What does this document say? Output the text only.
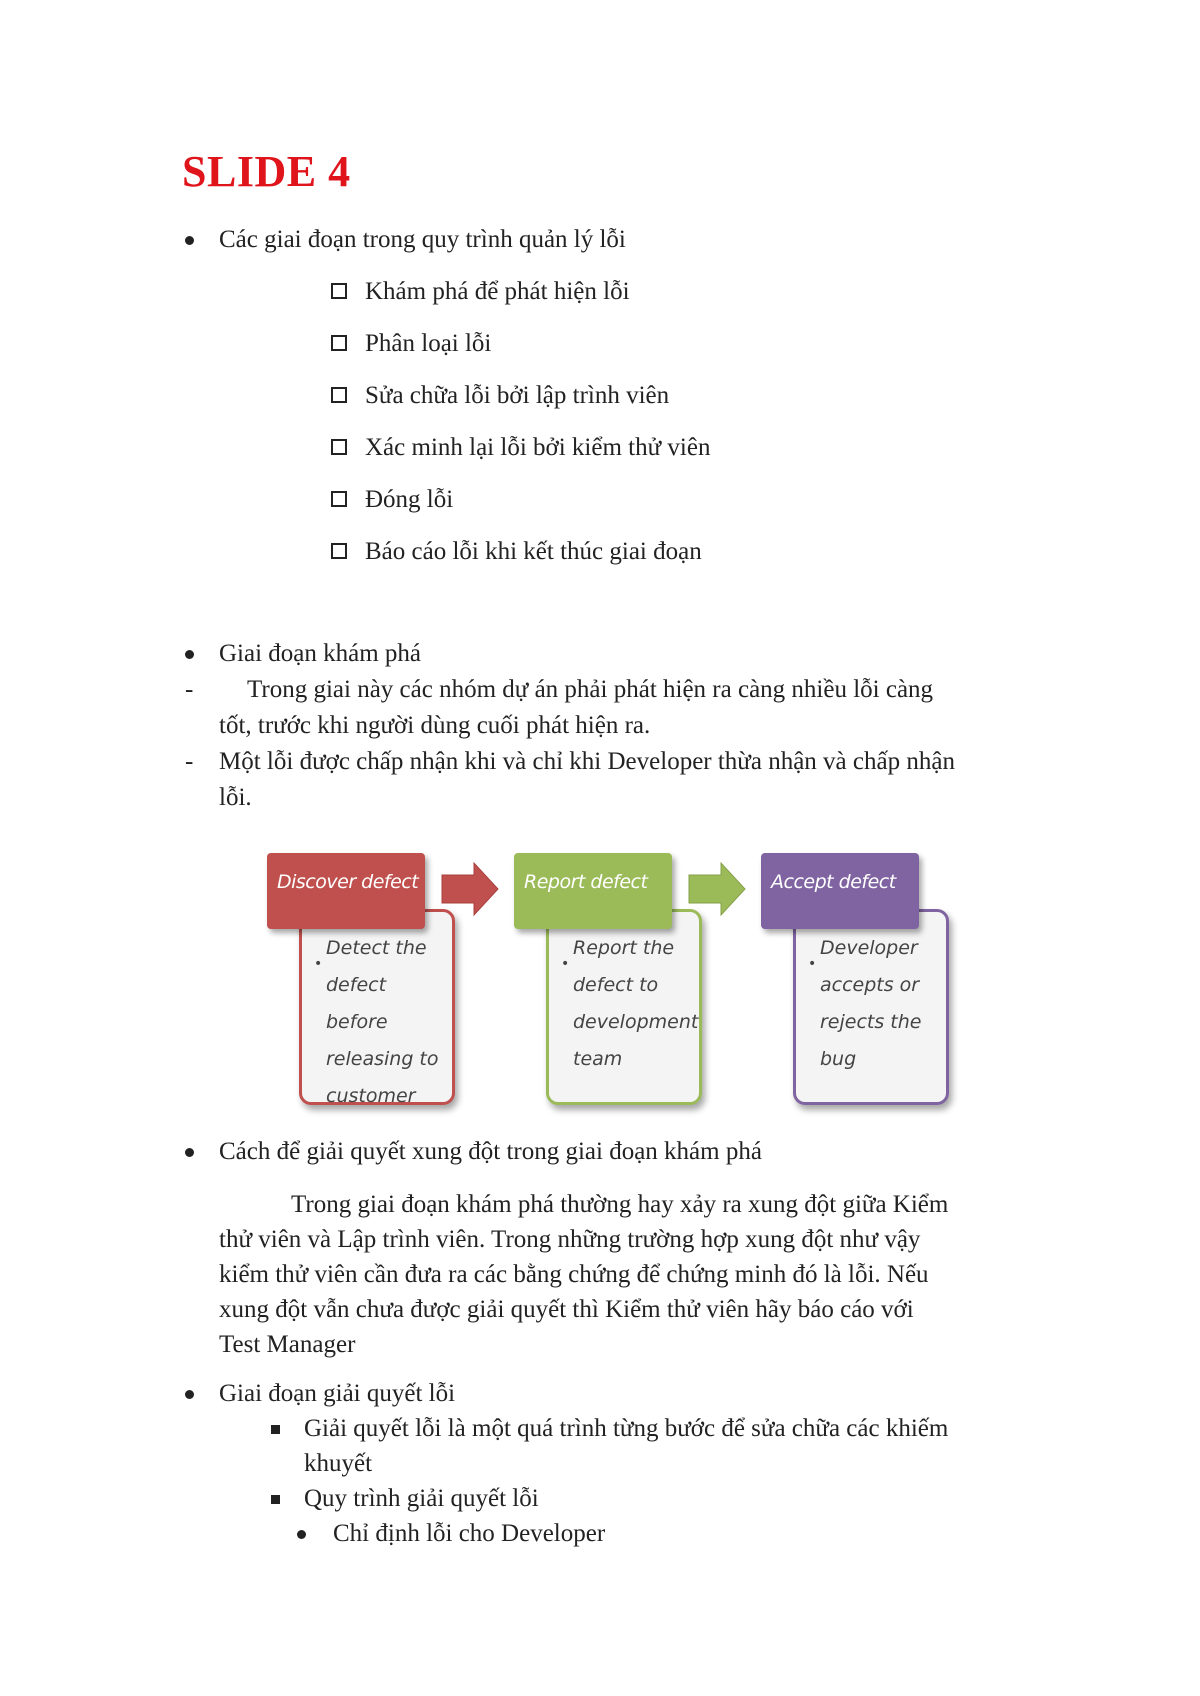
SLIDE 4
Các giai đoạn trong quy trình quản lý lỗi
Khám phá để phát hiện lỗi
Phân loại lỗi
Sửa chữa lỗi bởi lập trình viên
Xác minh lại lỗi bởi kiểm thử viên
Đóng lỗi
Báo cáo lỗi khi kết thúc giai đoạn
Giai đoạn khám phá
- Trong giai này các nhóm dự án phải phát hiện ra càng nhiều lỗi càng
tốt, trước khi người dùng cuối phát hiện ra.
- Một lỗi được chấp nhận khi và chỉ khi Developer thừa nhận và chấp nhận
lỗi.
•
Detect the
defect before
releasing to
customer
Discover defect
•
Report the
defect to
development
team
Report defect
•
Developer
accepts or
rejects the
bug
Accept defect
Cách để giải quyết xung đột trong giai đoạn khám phá
Trong giai đoạn khám phá thường hay xảy ra xung đột giữa Kiểm
thử viên và Lập trình viên. Trong những trường hợp xung đột như vậy
kiểm thử viên cần đưa ra các bằng chứng để chứng minh đó là lỗi. Nếu
xung đột vẫn chưa được giải quyết thì Kiểm thử viên hãy báo cáo với
Test Manager
Giai đoạn giải quyết lỗi
Giải quyết lỗi là một quá trình từng bước để sửa chữa các khiếm
khuyết
Quy trình giải quyết lỗi
Chỉ định lỗi cho Developer
